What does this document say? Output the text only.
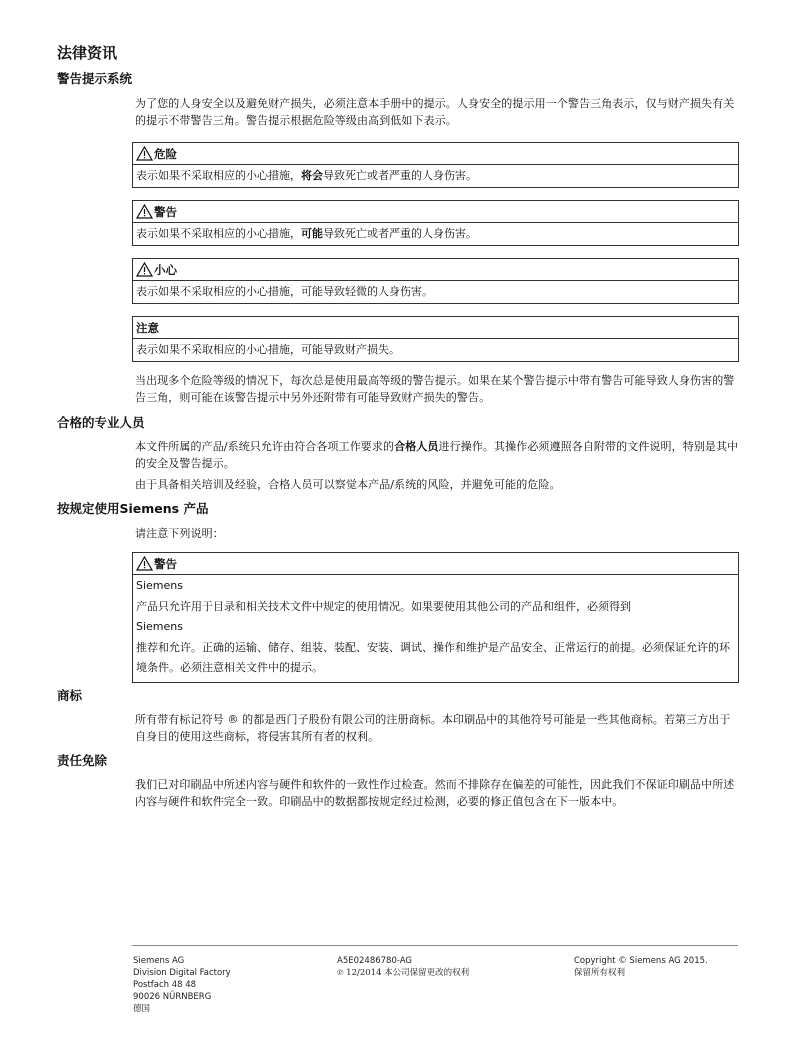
法律资讯
警告提示系统

为了您的人身安全以及避免财产损失，必须注意本手册中的提示。人身安全的提示用一个警告三角表示，仅与财产损失有关的提示不带警告三角。警告提示根据危险等级由高到低如下表示。

危险
表示如果不采取相应的小心措施，将会导致死亡或者严重的人身伤害。
警告
表示如果不采取相应的小心措施，可能导致死亡或者严重的人身伤害。
小心
表示如果不采取相应的小心措施，可能导致轻微的人身伤害。
注意
表示如果不采取相应的小心措施，可能导致财产损失。

当出现多个危险等级的情况下，每次总是使用最高等级的警告提示。如果在某个警告提示中带有警告可能导致人身伤害的警告三角，则可能在该警告提示中另外还附带有可能导致财产损失的警告。

合格的专业人员

本文件所属的产品/系统只允许由符合各项工作要求的合格人员进行操作。其操作必须遵照各自附带的文件说明，特别是其中的安全及警告提示。

由于具备相关培训及经验，合格人员可以察觉本产品/系统的风险，并避免可能的危险。

按规定使用Siemens 产品

请注意下列说明：

警告
Siemens
产品只允许用于目录和相关技术文件中规定的使用情况。如果要使用其他公司的产品和组件，必须得到
Siemens
推荐和允许。正确的运输、储存、组装、装配、安装、调试、操作和维护是产品安全、正常运行的前提。必须保证允许的环境条件。必须注意相关文件中的提示。
商标

所有带有标记符号 ® 的都是西门子股份有限公司的注册商标。本印刷品中的其他符号可能是一些其他商标。若第三方出于自身目的使用这些商标，将侵害其所有者的权利。

责任免除

我们已对印刷品中所述内容与硬件和软件的一致性作过检查。然而不排除存在偏差的可能性，因此我们不保证印刷品中所述内容与硬件和软件完全一致。印刷品中的数据都按规定经过检测，必要的修正值包含在下一版本中。

Siemens AG
Division Digital Factory
Postfach 48 48
90026 NÜRNBERG
德国
A5E02486780-AG
℗ 12/2014 本公司保留更改的权利
Copyright © Siemens AG 2015.
保留所有权利
